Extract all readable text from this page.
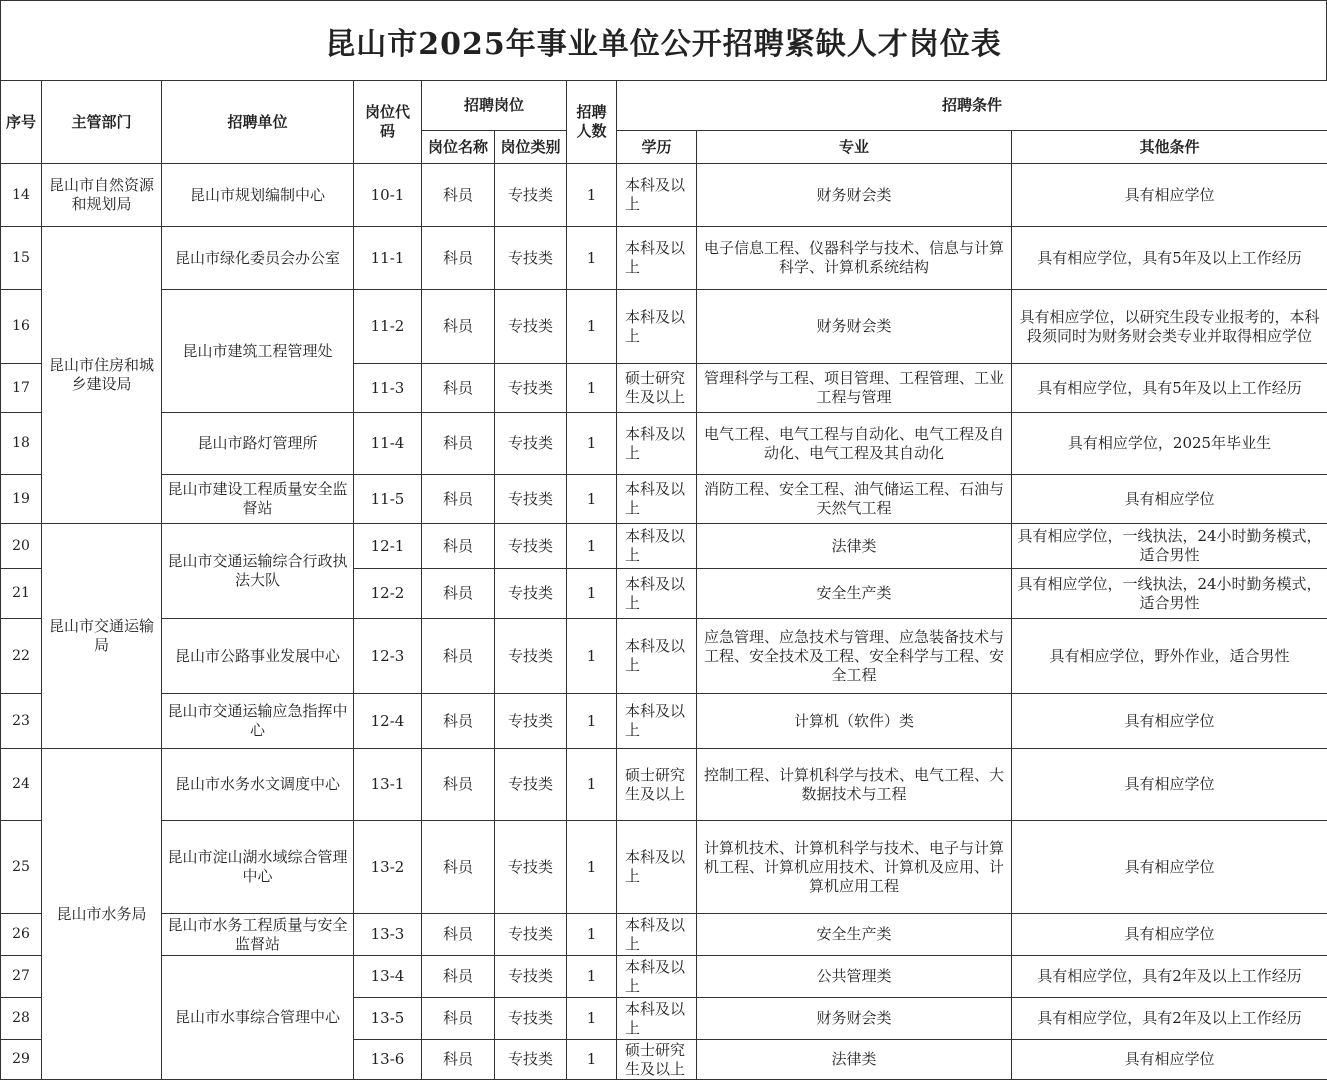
昆山市2025年事业单位公开招聘紧缺人才岗位表
序号	主管部门	招聘单位	岗位代码	招聘岗位		招聘人数	招聘条件		
				岗位名称	岗位类别		学历	专业	其他条件
14	昆山市自然资源和规划局	昆山市规划编制中心	10-1	科员	专技类	1	本科及以上	财务财会类	具有相应学位
15	昆山市住房和城乡建设局	昆山市绿化委员会办公室	11-1	科员	专技类	1	本科及以上	电子信息工程、仪器科学与技术、信息与计算科学、计算机系统结构	具有相应学位，具有5年及以上工作经历
16		昆山市建筑工程管理处	11-2	科员	专技类	1	本科及以上	财务财会类	具有相应学位，以研究生段专业报考的，本科段须同时为财务财会类专业并取得相应学位
17			11-3	科员	专技类	1	硕士研究生及以上	管理科学与工程、项目管理、工程管理、工业工程与管理	具有相应学位，具有5年及以上工作经历
18		昆山市路灯管理所	11-4	科员	专技类	1	本科及以上	电气工程、电气工程与自动化、电气工程及自动化、电气工程及其自动化	具有相应学位，2025年毕业生
19		昆山市建设工程质量安全监督站	11-5	科员	专技类	1	本科及以上	消防工程、安全工程、油气储运工程、石油与天然气工程	具有相应学位
20	昆山市交通运输局	昆山市交通运输综合行政执法大队	12-1	科员	专技类	1	本科及以上	法律类	具有相应学位，一线执法，24小时勤务模式，适合男性
21			12-2	科员	专技类	1	本科及以上	安全生产类	具有相应学位，一线执法，24小时勤务模式，适合男性
22		昆山市公路事业发展中心	12-3	科员	专技类	1	本科及以上	应急管理、应急技术与管理、应急装备技术与工程、安全技术及工程、安全科学与工程、安全工程	具有相应学位，野外作业，适合男性
23		昆山市交通运输应急指挥中心	12-4	科员	专技类	1	本科及以上	计算机（软件）类	具有相应学位
24	昆山市水务局	昆山市水务水文调度中心	13-1	科员	专技类	1	硕士研究生及以上	控制工程、计算机科学与技术、电气工程、大数据技术与工程	具有相应学位
25		昆山市淀山湖水域综合管理中心	13-2	科员	专技类	1	本科及以上	计算机技术、计算机科学与技术、电子与计算机工程、计算机应用技术、计算机及应用、计算机应用工程	具有相应学位
26		昆山市水务工程质量与安全监督站	13-3	科员	专技类	1	本科及以上	安全生产类	具有相应学位
27		昆山市水事综合管理中心	13-4	科员	专技类	1	本科及以上	公共管理类	具有相应学位，具有2年及以上工作经历
28			13-5	科员	专技类	1	本科及以上	财务财会类	具有相应学位，具有2年及以上工作经历
29			13-6	科员	专技类	1	硕士研究生及以上	法律类	具有相应学位
